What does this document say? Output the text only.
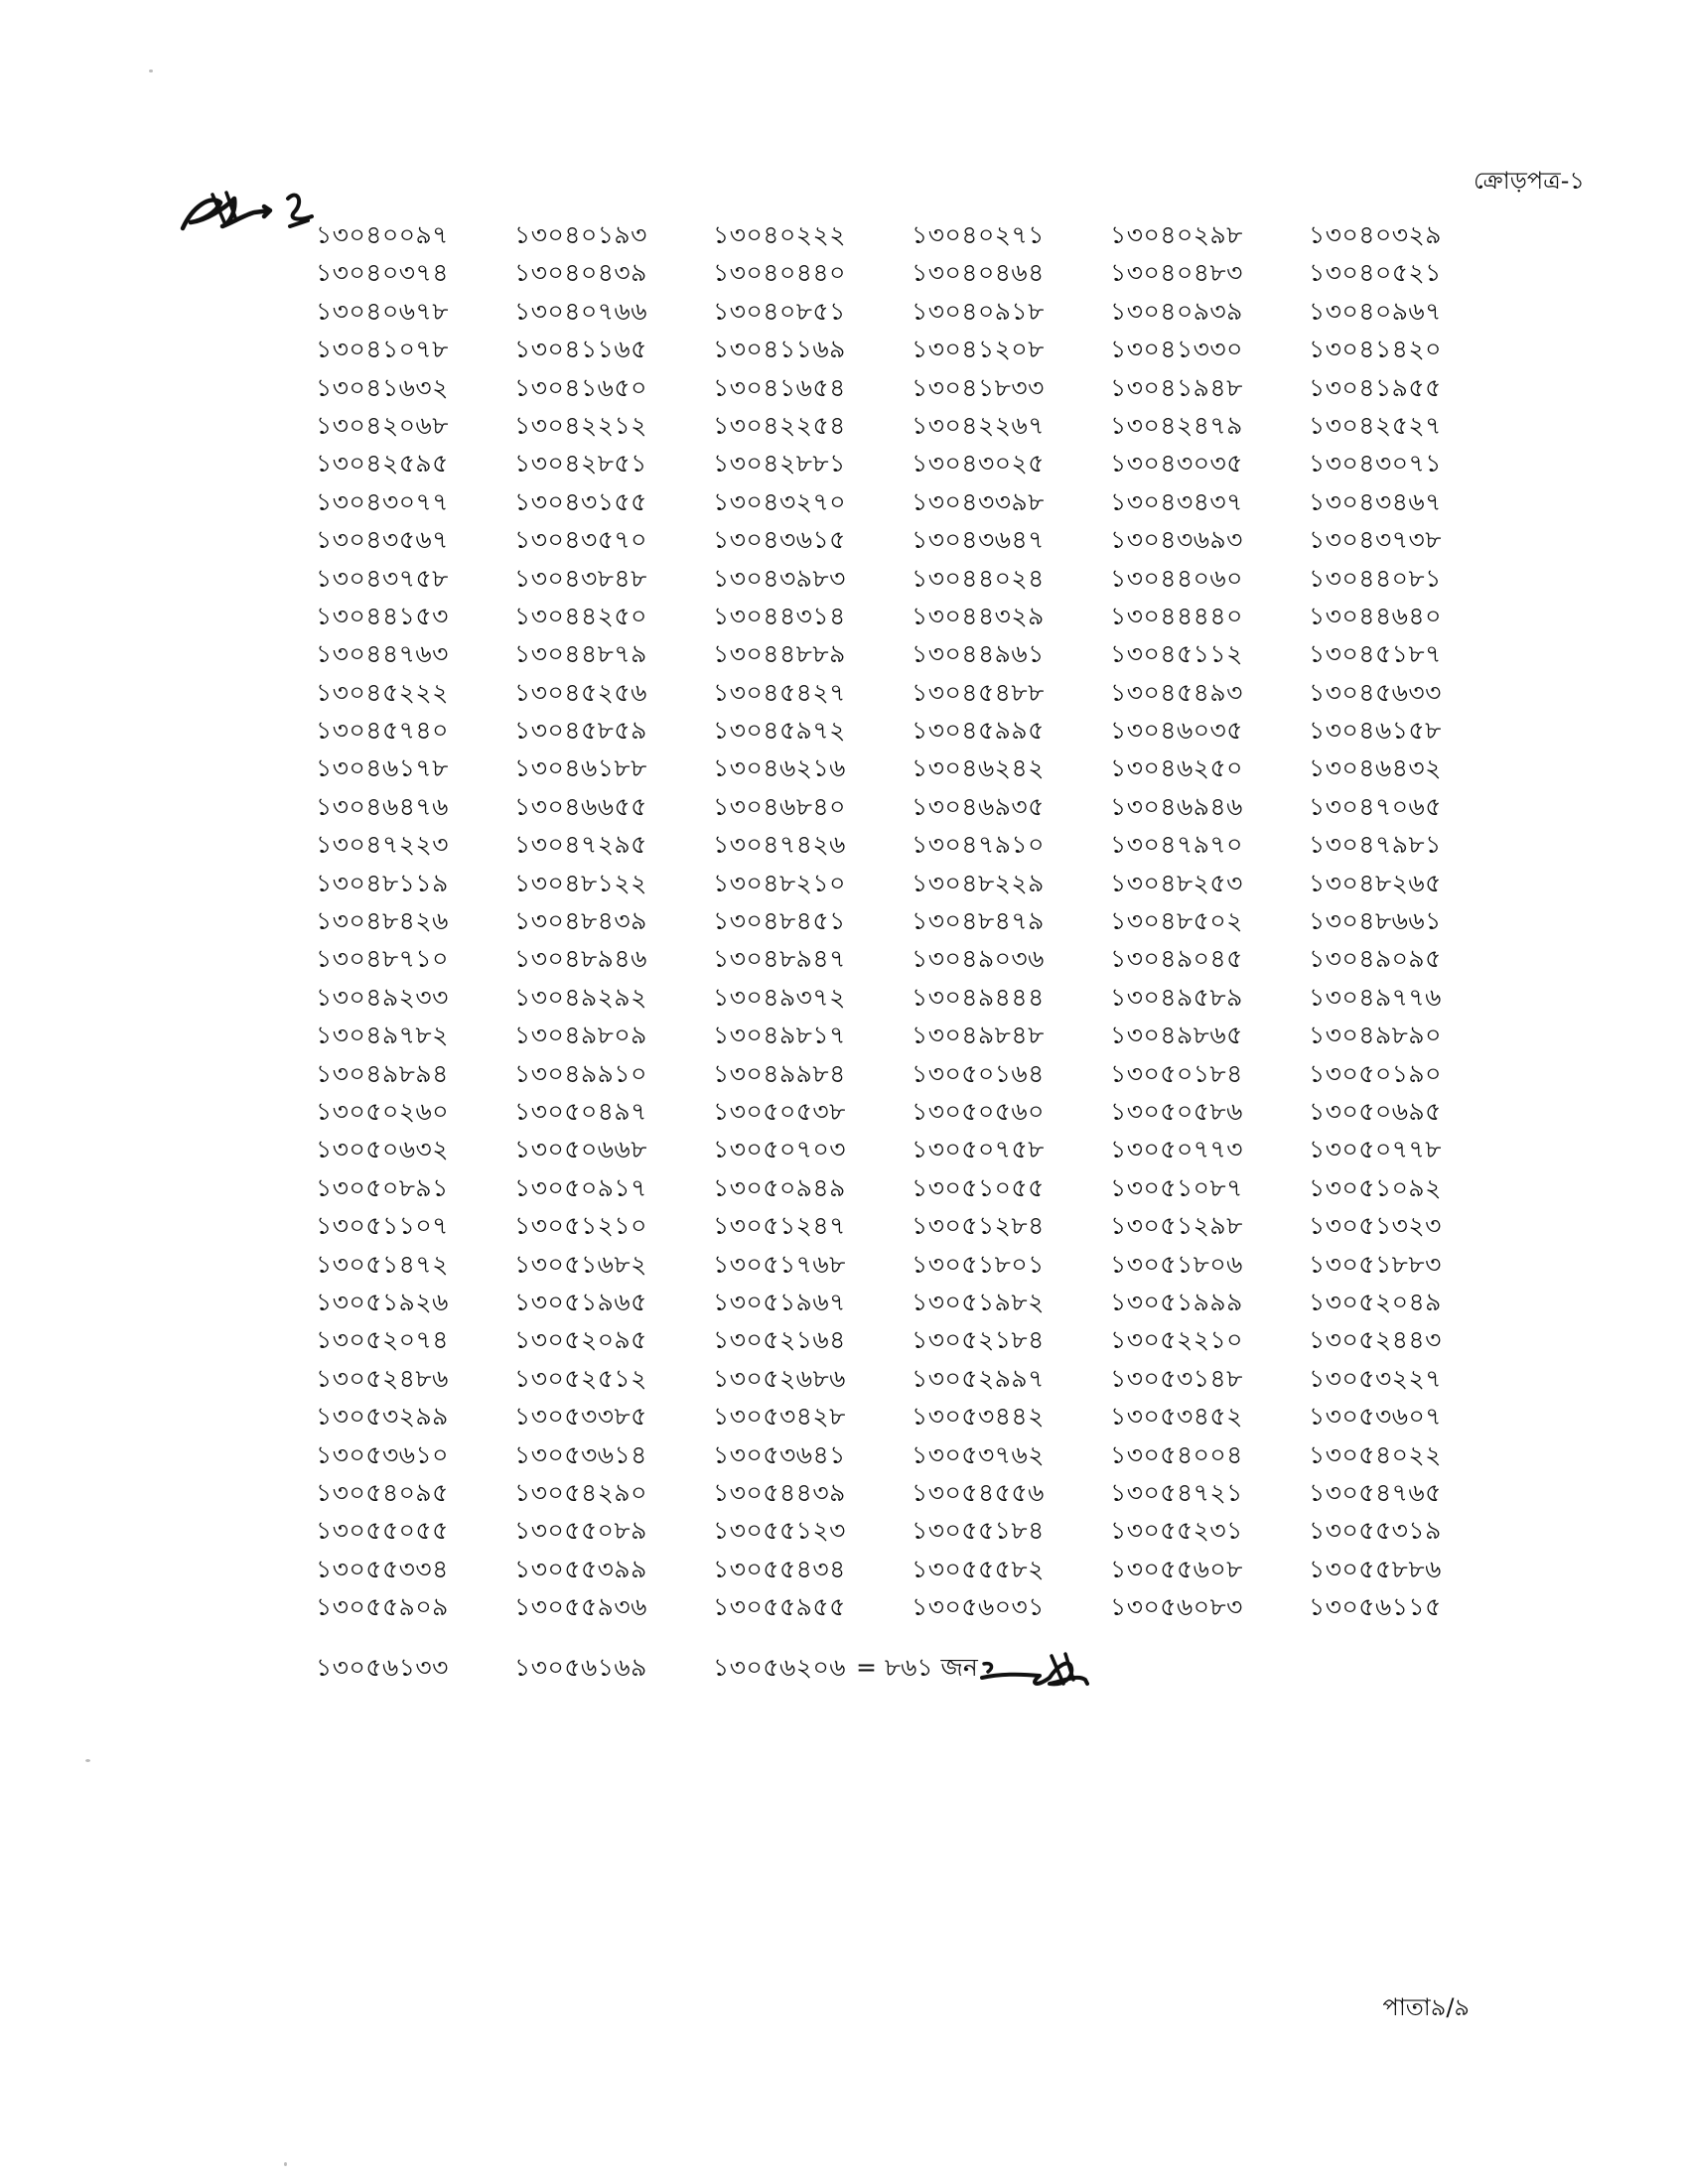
ক্রোড়পত্র-১
১৩০৪০০৯৭	১৩০৪০১৯৩	১৩০৪০২২২	১৩০৪০২৭১	১৩০৪০২৯৮	১৩০৪০৩২৯
১৩০৪০৩৭৪	১৩০৪০৪৩৯	১৩০৪০৪৪০	১৩০৪০৪৬৪	১৩০৪০৪৮৩	১৩০৪০৫২১
১৩০৪০৬৭৮	১৩০৪০৭৬৬	১৩০৪০৮৫১	১৩০৪০৯১৮	১৩০৪০৯৩৯	১৩০৪০৯৬৭
১৩০৪১০৭৮	১৩০৪১১৬৫	১৩০৪১১৬৯	১৩০৪১২০৮	১৩০৪১৩৩০	১৩০৪১৪২০
১৩০৪১৬৩২	১৩০৪১৬৫০	১৩০৪১৬৫৪	১৩০৪১৮৩৩	১৩০৪১৯৪৮	১৩০৪১৯৫৫
১৩০৪২০৬৮	১৩০৪২২১২	১৩০৪২২৫৪	১৩০৪২২৬৭	১৩০৪২৪৭৯	১৩০৪২৫২৭
১৩০৪২৫৯৫	১৩০৪২৮৫১	১৩০৪২৮৮১	১৩০৪৩০২৫	১৩০৪৩০৩৫	১৩০৪৩০৭১
১৩০৪৩০৭৭	১৩০৪৩১৫৫	১৩০৪৩২৭০	১৩০৪৩৩৯৮	১৩০৪৩৪৩৭	১৩০৪৩৪৬৭
১৩০৪৩৫৬৭	১৩০৪৩৫৭০	১৩০৪৩৬১৫	১৩০৪৩৬৪৭	১৩০৪৩৬৯৩	১৩০৪৩৭৩৮
১৩০৪৩৭৫৮	১৩০৪৩৮৪৮	১৩০৪৩৯৮৩	১৩০৪৪০২৪	১৩০৪৪০৬০	১৩০৪৪০৮১
১৩০৪৪১৫৩	১৩০৪৪২৫০	১৩০৪৪৩১৪	১৩০৪৪৩২৯	১৩০৪৪৪৪০	১৩০৪৪৬৪০
১৩০৪৪৭৬৩	১৩০৪৪৮৭৯	১৩০৪৪৮৮৯	১৩০৪৪৯৬১	১৩০৪৫১১২	১৩০৪৫১৮৭
১৩০৪৫২২২	১৩০৪৫২৫৬	১৩০৪৫৪২৭	১৩০৪৫৪৮৮	১৩০৪৫৪৯৩	১৩০৪৫৬৩৩
১৩০৪৫৭৪০	১৩০৪৫৮৫৯	১৩০৪৫৯৭২	১৩০৪৫৯৯৫	১৩০৪৬০৩৫	১৩০৪৬১৫৮
১৩০৪৬১৭৮	১৩০৪৬১৮৮	১৩০৪৬২১৬	১৩০৪৬২৪২	১৩০৪৬২৫০	১৩০৪৬৪৩২
১৩০৪৬৪৭৬	১৩০৪৬৬৫৫	১৩০৪৬৮৪০	১৩০৪৬৯৩৫	১৩০৪৬৯৪৬	১৩০৪৭০৬৫
১৩০৪৭২২৩	১৩০৪৭২৯৫	১৩০৪৭৪২৬	১৩০৪৭৯১০	১৩০৪৭৯৭০	১৩০৪৭৯৮১
১৩০৪৮১১৯	১৩০৪৮১২২	১৩০৪৮২১০	১৩০৪৮২২৯	১৩০৪৮২৫৩	১৩০৪৮২৬৫
১৩০৪৮৪২৬	১৩০৪৮৪৩৯	১৩০৪৮৪৫১	১৩০৪৮৪৭৯	১৩০৪৮৫০২	১৩০৪৮৬৬১
১৩০৪৮৭১০	১৩০৪৮৯৪৬	১৩০৪৮৯৪৭	১৩০৪৯০৩৬	১৩০৪৯০৪৫	১৩০৪৯০৯৫
১৩০৪৯২৩৩	১৩০৪৯২৯২	১৩০৪৯৩৭২	১৩০৪৯৪৪৪	১৩০৪৯৫৮৯	১৩০৪৯৭৭৬
১৩০৪৯৭৮২	১৩০৪৯৮০৯	১৩০৪৯৮১৭	১৩০৪৯৮৪৮	১৩০৪৯৮৬৫	১৩০৪৯৮৯০
১৩০৪৯৮৯৪	১৩০৪৯৯১০	১৩০৪৯৯৮৪	১৩০৫০১৬৪	১৩০৫০১৮৪	১৩০৫০১৯০
১৩০৫০২৬০	১৩০৫০৪৯৭	১৩০৫০৫৩৮	১৩০৫০৫৬০	১৩০৫০৫৮৬	১৩০৫০৬৯৫
১৩০৫০৬৩২	১৩০৫০৬৬৮	১৩০৫০৭০৩	১৩০৫০৭৫৮	১৩০৫০৭৭৩	১৩০৫০৭৭৮
১৩০৫০৮৯১	১৩০৫০৯১৭	১৩০৫০৯৪৯	১৩০৫১০৫৫	১৩০৫১০৮৭	১৩০৫১০৯২
১৩০৫১১০৭	১৩০৫১২১০	১৩০৫১২৪৭	১৩০৫১২৮৪	১৩০৫১২৯৮	১৩০৫১৩২৩
১৩০৫১৪৭২	১৩০৫১৬৮২	১৩০৫১৭৬৮	১৩০৫১৮০১	১৩০৫১৮০৬	১৩০৫১৮৮৩
১৩০৫১৯২৬	১৩০৫১৯৬৫	১৩০৫১৯৬৭	১৩০৫১৯৮২	১৩০৫১৯৯৯	১৩০৫২০৪৯
১৩০৫২০৭৪	১৩০৫২০৯৫	১৩০৫২১৬৪	১৩০৫২১৮৪	১৩০৫২২১০	১৩০৫২৪৪৩
১৩০৫২৪৮৬	১৩০৫২৫১২	১৩০৫২৬৮৬	১৩০৫২৯৯৭	১৩০৫৩১৪৮	১৩০৫৩২২৭
১৩০৫৩২৯৯	১৩০৫৩৩৮৫	১৩০৫৩৪২৮	১৩০৫৩৪৪২	১৩০৫৩৪৫২	১৩০৫৩৬০৭
১৩০৫৩৬১০	১৩০৫৩৬১৪	১৩০৫৩৬৪১	১৩০৫৩৭৬২	১৩০৫৪০০৪	১৩০৫৪০২২
১৩০৫৪০৯৫	১৩০৫৪২৯০	১৩০৫৪৪৩৯	১৩০৫৪৫৫৬	১৩০৫৪৭২১	১৩০৫৪৭৬৫
১৩০৫৫০৫৫	১৩০৫৫০৮৯	১৩০৫৫১২৩	১৩০৫৫১৮৪	১৩০৫৫২৩১	১৩০৫৫৩১৯
১৩০৫৫৩৩৪	১৩০৫৫৩৯৯	১৩০৫৫৪৩৪	১৩০৫৫৫৮২	১৩০৫৫৬০৮	১৩০৫৫৮৮৬
১৩০৫৫৯০৯	১৩০৫৫৯৩৬	১৩০৫৫৯৫৫	১৩০৫৬০৩১	১৩০৫৬০৮৩	১৩০৫৬১১৫
১৩০৫৬১৩৩	১৩০৫৬১৬৯	১৩০৫৬২০৬ = ৮৬১ জন
পাতা৯/৯
